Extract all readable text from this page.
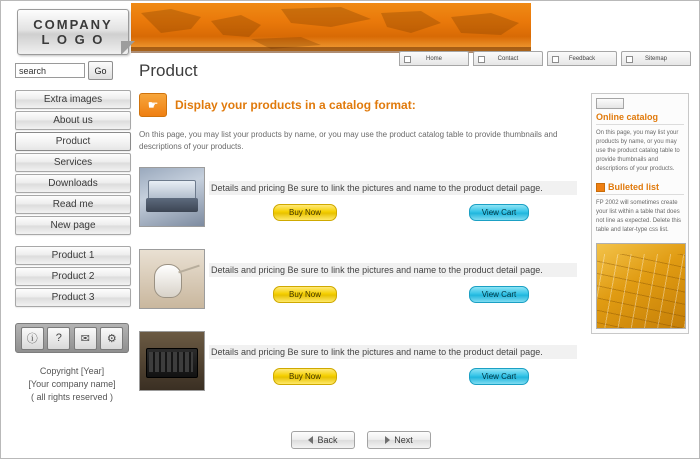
COMPANY
L O G O
Home	Contact	Feedback	Sitemap
search
Go
Extra images
About us
Product
Services
Downloads
Read me
New page
Product 1
Product 2
Product 3
ⓘ	?	✉	⚙
Copyright [Year]
[Your company name]
( all rights reserved )
Product
☛	Display your products in a catalog format:
On this page, you may list your products by name, or you may use the product catalog table to provide thumbnails and descriptions of your products.
Details and pricing Be sure to link the pictures and name to the product detail page.
Buy Now	View Cart
Details and pricing Be sure to link the pictures and name to the product detail page.
Buy Now	View Cart
Details and pricing Be sure to link the pictures and name to the product detail page.
Buy Now	View Cart
Back	Next
Online catalog
On this page, you may list your products by name, or you may use the product catalog table to provide thumbnails and descriptions of your products.
Bulleted list
FP 2002 will sometimes create your list within a table that does not line as expected. Delete this table and later-type css list.
